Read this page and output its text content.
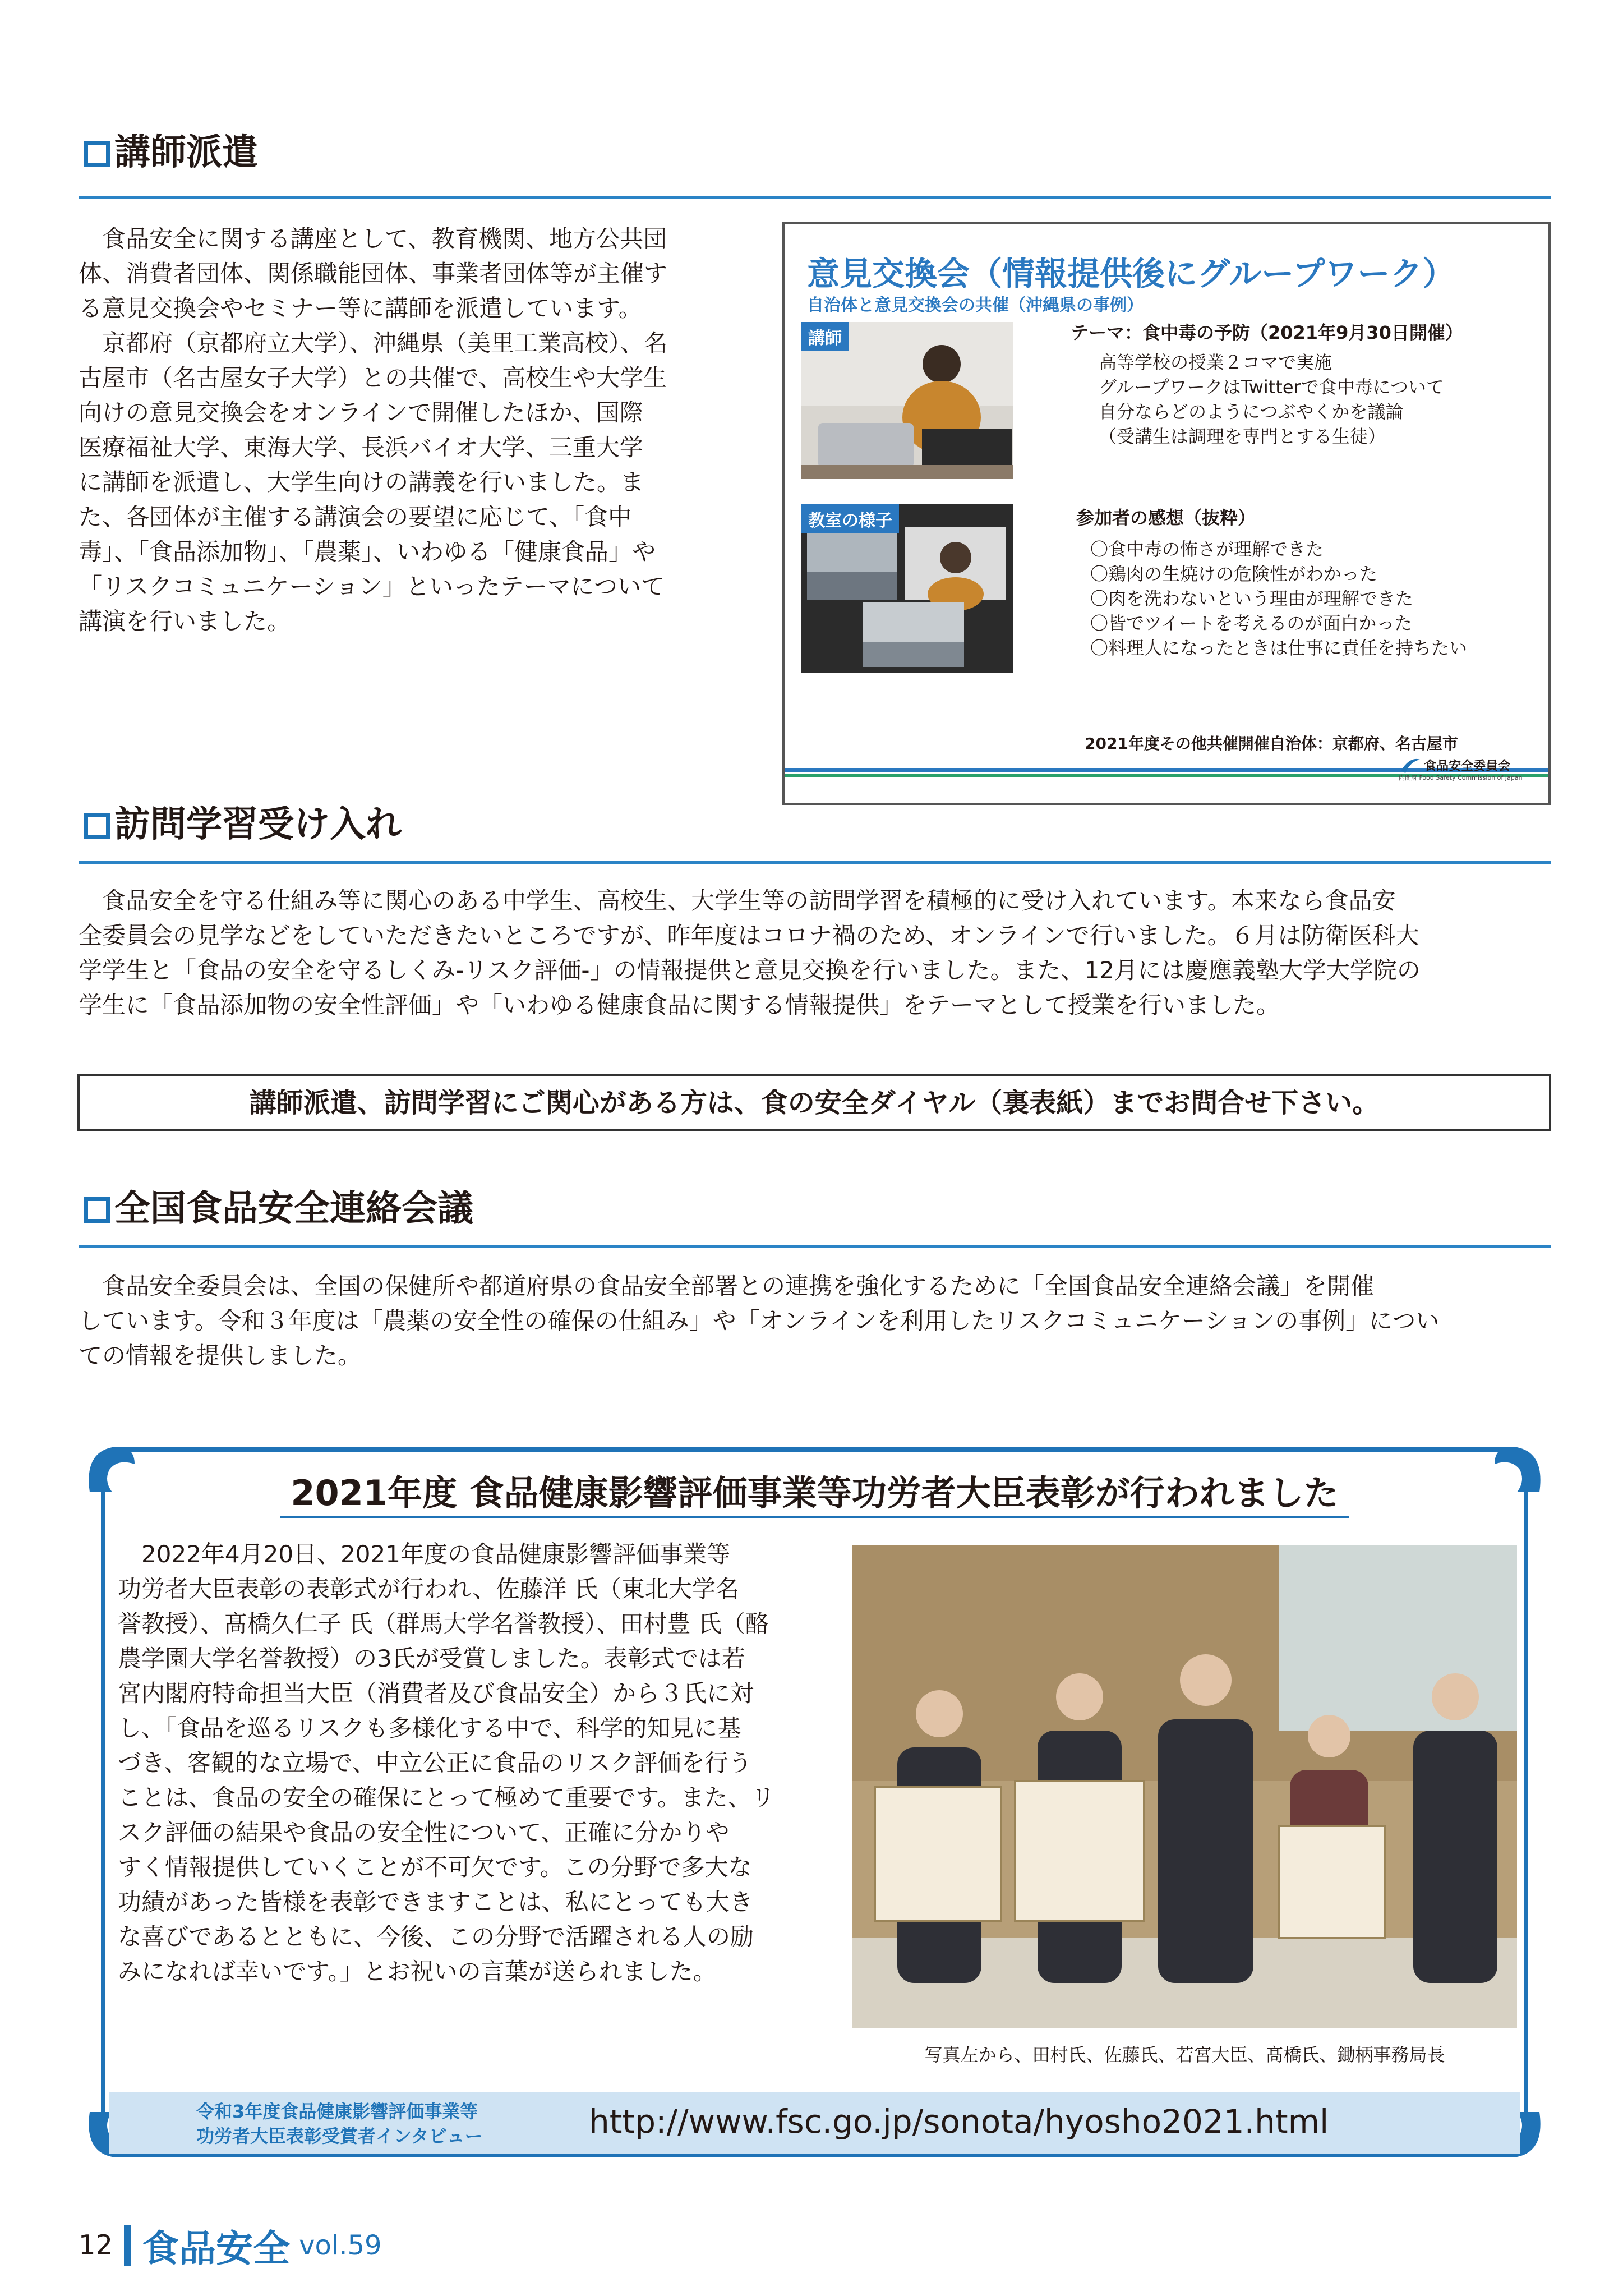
講師派遣
食品安全に関する講座として、教育機関、地方公共団
体、消費者団体、関係職能団体、事業者団体等が主催す
る意見交換会やセミナー等に講師を派遣しています。
京都府（京都府立大学）、沖縄県（美里工業高校）、名
古屋市（名古屋女子大学）との共催で、高校生や大学生
向けの意見交換会をオンラインで開催したほか、国際
医療福祉大学、東海大学、長浜バイオ大学、三重大学
に講師を派遣し、大学生向けの講義を行いました。ま
た、各団体が主催する講演会の要望に応じて、「食中
毒」、「食品添加物」、「農薬」、いわゆる「健康食品」や
「リスクコミュニケーション」といったテーマについて
講演を行いました。
意見交換会（情報提供後にグループワーク）
自治体と意見交換会の共催（沖縄県の事例）
講師
教室の様子
テーマ：食中毒の予防（2021年9月30日開催）
高等学校の授業２コマで実施
グループワークはTwitterで食中毒について
自分ならどのようにつぶやくかを議論
（受講生は調理を専門とする生徒）
参加者の感想（抜粋）
〇食中毒の怖さが理解できた
〇鶏肉の生焼けの危険性がわかった
〇肉を洗わないという理由が理解できた
〇皆でツイートを考えるのが面白かった
〇料理人になったときは仕事に責任を持ちたい
2021年度その他共催開催自治体：京都府、名古屋市
食品安全委員会
内閣府 Food Safety Commission of Japan
訪問学習受け入れ
食品安全を守る仕組み等に関心のある中学生、高校生、大学生等の訪問学習を積極的に受け入れています。本来なら食品安
全委員会の見学などをしていただきたいところですが、昨年度はコロナ禍のため、オンラインで行いました。６月は防衛医科大
学学生と「食品の安全を守るしくみ-リスク評価-」の情報提供と意見交換を行いました。また、12月には慶應義塾大学大学院の
学生に「食品添加物の安全性評価」や「いわゆる健康食品に関する情報提供」をテーマとして授業を行いました。
講師派遣、訪問学習にご関心がある方は、食の安全ダイヤル（裏表紙）までお問合せ下さい。
全国食品安全連絡会議
食品安全委員会は、全国の保健所や都道府県の食品安全部署との連携を強化するために「全国食品安全連絡会議」を開催
しています。令和３年度は「農薬の安全性の確保の仕組み」や「オンラインを利用したリスクコミュニケーションの事例」につい
ての情報を提供しました。
2021年度 食品健康影響評価事業等功労者大臣表彰が行われました
2022年4月20日、2021年度の食品健康影響評価事業等
功労者大臣表彰の表彰式が行われ、佐藤洋 氏（東北大学名
誉教授）、髙橋久仁子 氏（群馬大学名誉教授）、田村豊 氏（酪
農学園大学名誉教授）の3氏が受賞しました。表彰式では若
宮内閣府特命担当大臣（消費者及び食品安全）から３氏に対
し、「食品を巡るリスクも多様化する中で、科学的知見に基
づき、客観的な立場で、中立公正に食品のリスク評価を行う
ことは、食品の安全の確保にとって極めて重要です。また、リ
スク評価の結果や食品の安全性について、正確に分かりや
すく情報提供していくことが不可欠です。この分野で多大な
功績があった皆様を表彰できますことは、私にとっても大き
な喜びであるとともに、今後、この分野で活躍される人の励
みになれば幸いです。」とお祝いの言葉が送られました。
写真左から、田村氏、佐藤氏、若宮大臣、髙橋氏、鋤柄事務局長
令和3年度食品健康影響評価事業等
功労者大臣表彰受賞者インタビュー	http://www.fsc.go.jp/sonota/hyosho2021.html
12 食品安全 vol.59
